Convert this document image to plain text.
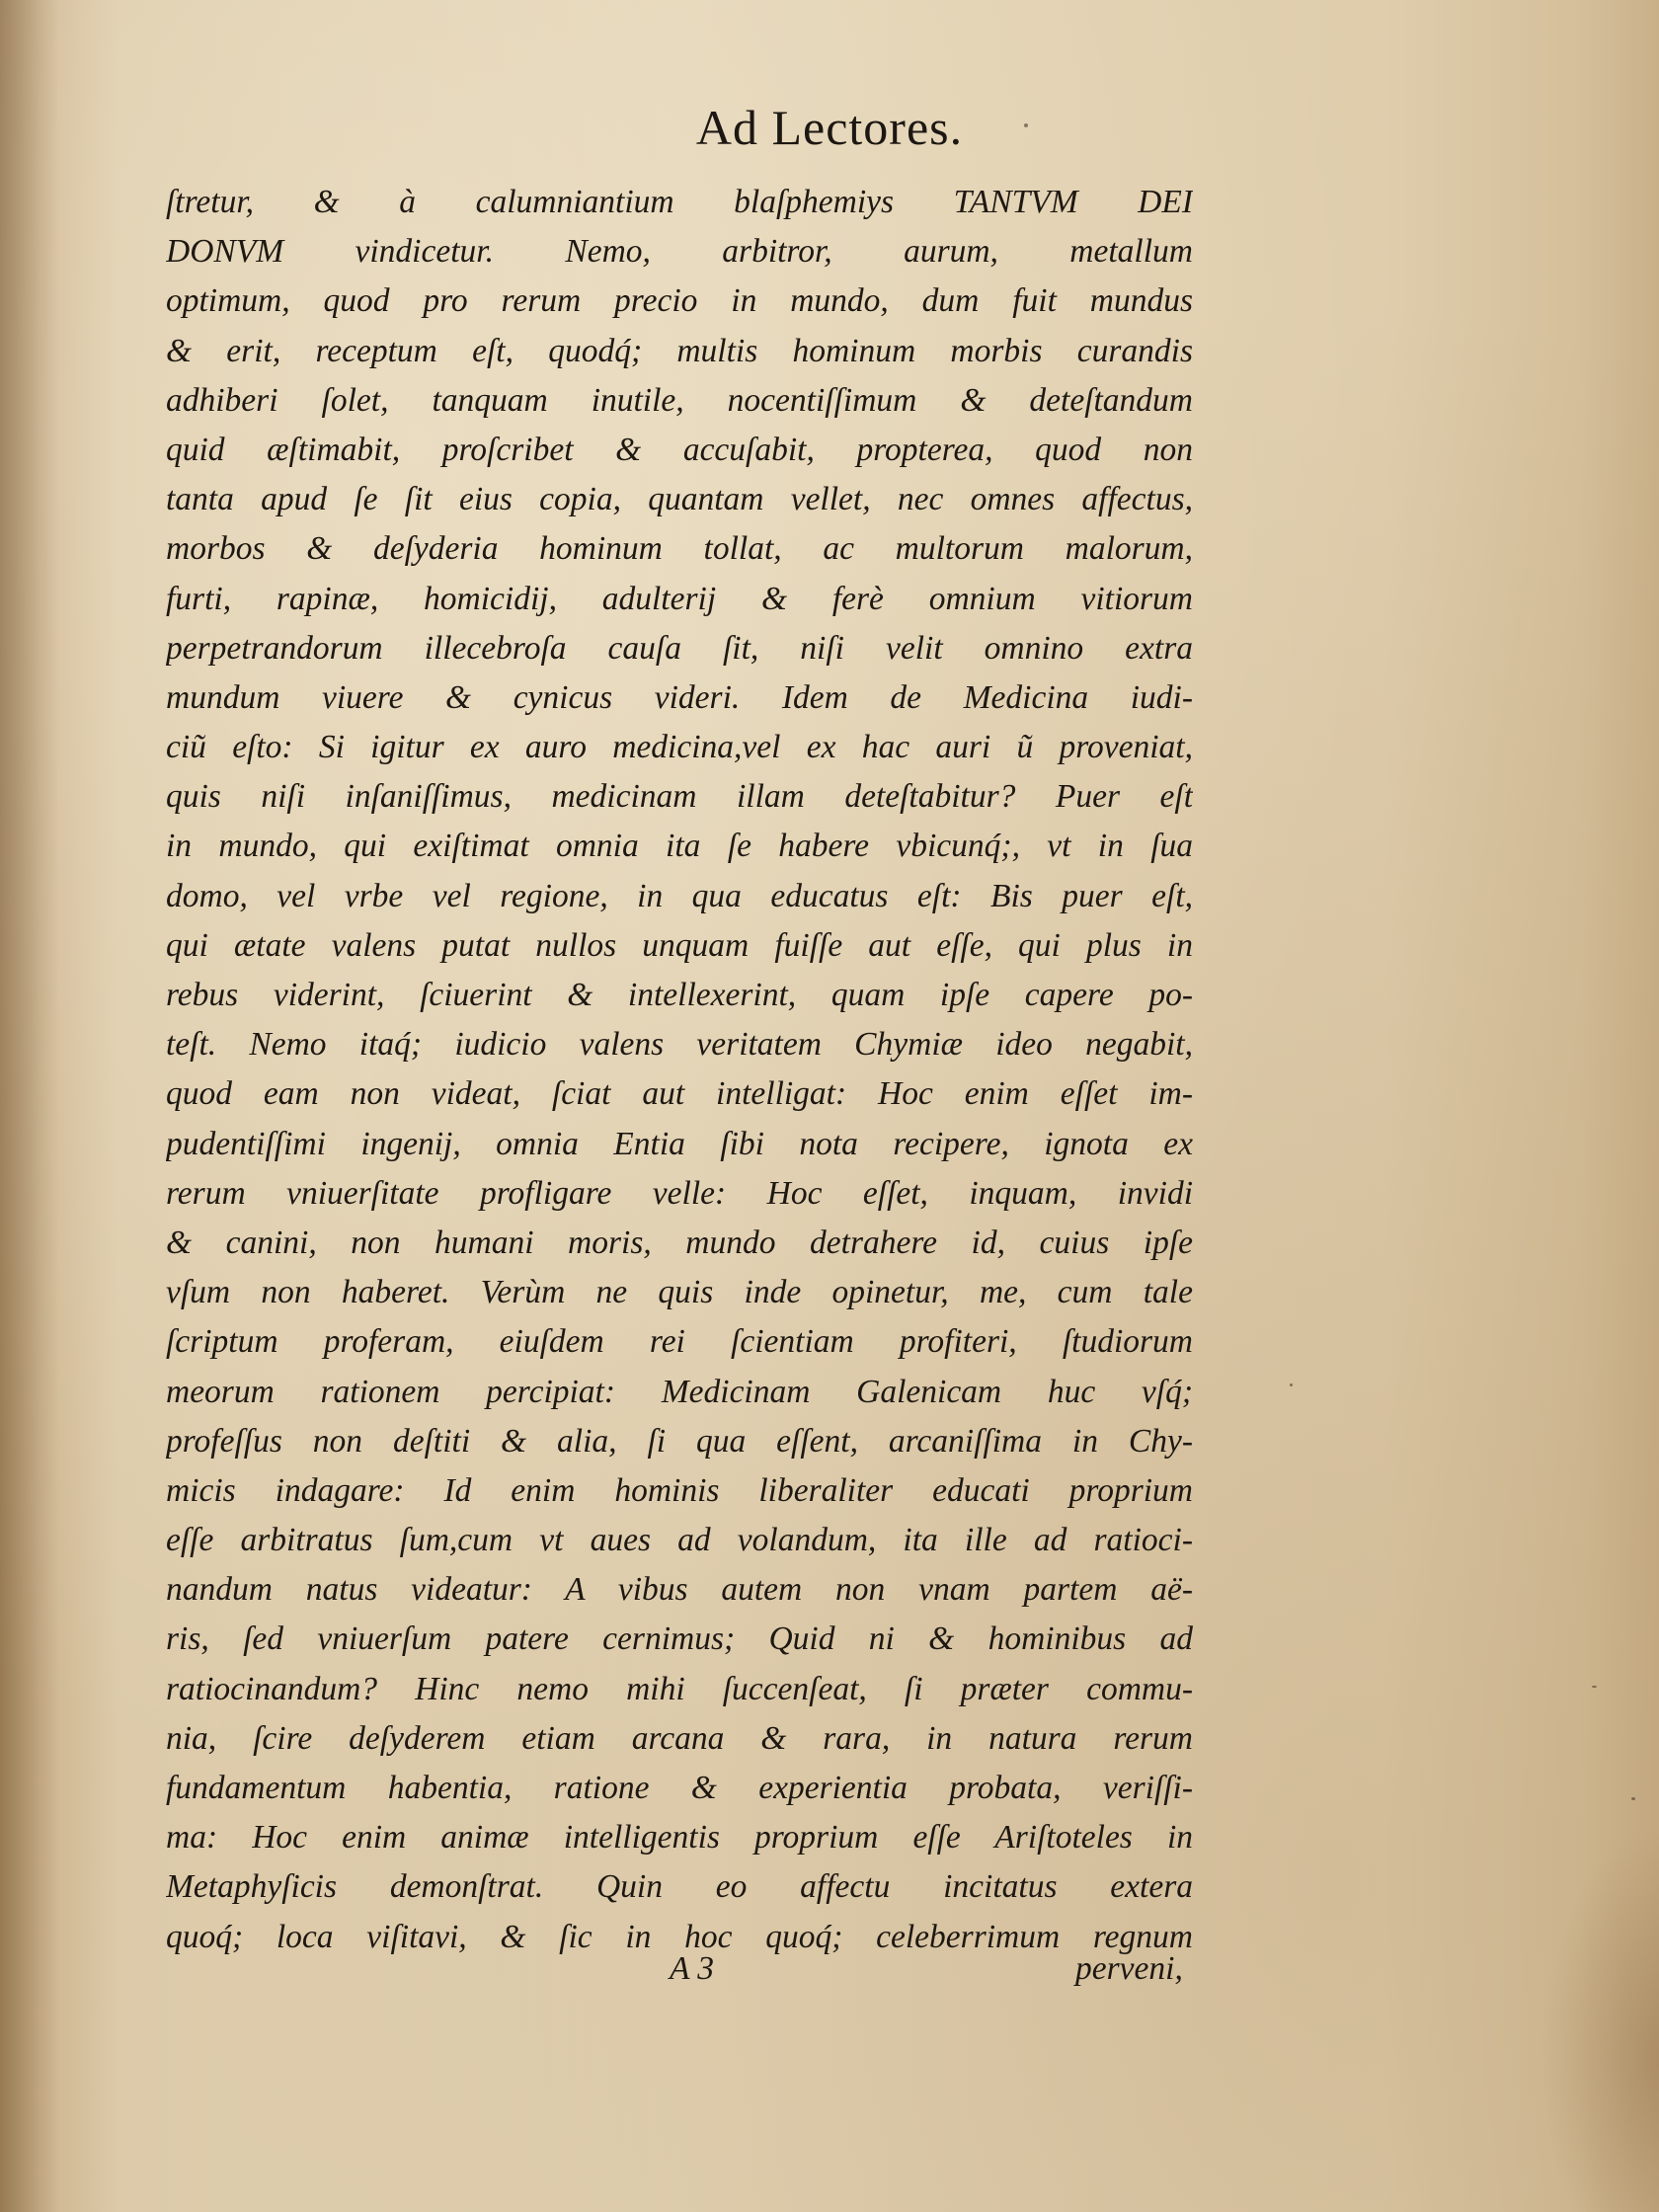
Ad Lectores.
ſtretur, & à calumniantium blaſphemiys TANTVM DEI
DONVM vindicetur. Nemo, arbitror, aurum, metallum
optimum, quod pro rerum precio in mundo, dum fuit mundus
& erit, receptum eſt, quodq́; multis hominum morbis curandis
adhiberi ſolet, tanquam inutile, nocentiſſimum & deteſtandum
quid æſtimabit, proſcribet & accuſabit, propterea, quod non
tanta apud ſe ſit eius copia, quantam vellet, nec omnes affectus,
morbos & deſyderia hominum tollat, ac multorum malorum,
furti, rapinæ, homicidij, adulterij & ferè omnium vitiorum
perpetrandorum illecebroſa cauſa ſit, niſi velit omnino extra
mundum viuere & cynicus videri. Idem de Medicina iudi-
ciũ eſto: Si igitur ex auro medicina,vel ex hac auri ũ proveniat,
quis niſi inſaniſſimus, medicinam illam deteſtabitur? Puer eſt
in mundo, qui exiſtimat omnia ita ſe habere vbicunq́;, vt in ſua
domo, vel vrbe vel regione, in qua educatus eſt: Bis puer eſt,
qui ætate valens putat nullos unquam fuiſſe aut eſſe, qui plus in
rebus viderint, ſciuerint & intellexerint, quam ipſe capere po-
teſt. Nemo itaq́; iudicio valens veritatem Chymiæ ideo negabit,
quod eam non videat, ſciat aut intelligat: Hoc enim eſſet im-
pudentiſſimi ingenij, omnia Entia ſibi nota recipere, ignota ex
rerum vniuerſitate profligare velle: Hoc eſſet, inquam, invidi
& canini, non humani moris, mundo detrahere id, cuius ipſe
vſum non haberet. Verùm ne quis inde opinetur, me, cum tale
ſcriptum proferam, eiuſdem rei ſcientiam profiteri, ſtudiorum
meorum rationem percipiat: Medicinam Galenicam huc vſq́;
profeſſus non deſtiti & alia, ſi qua eſſent, arcaniſſima in Chy-
micis indagare: Id enim hominis liberaliter educati proprium
eſſe arbitratus ſum,cum vt aues ad volandum, ita ille ad ratioci-
nandum natus videatur: A vibus autem non vnam partem aë-
ris, ſed vniuerſum patere cernimus; Quid ni & hominibus ad
ratiocinandum? Hinc nemo mihi ſuccenſeat, ſi præter commu-
nia, ſcire deſyderem etiam arcana & rara, in natura rerum
fundamentum habentia, ratione & experientia probata, veriſſi-
ma: Hoc enim animæ intelligentis proprium eſſe Ariſtoteles in
Metaphyſicis demonſtrat. Quin eo affectu incitatus extera
quoq́; loca viſitavi, & ſic in hoc quoq́; celeberrimum regnum
A 3	perveni,
